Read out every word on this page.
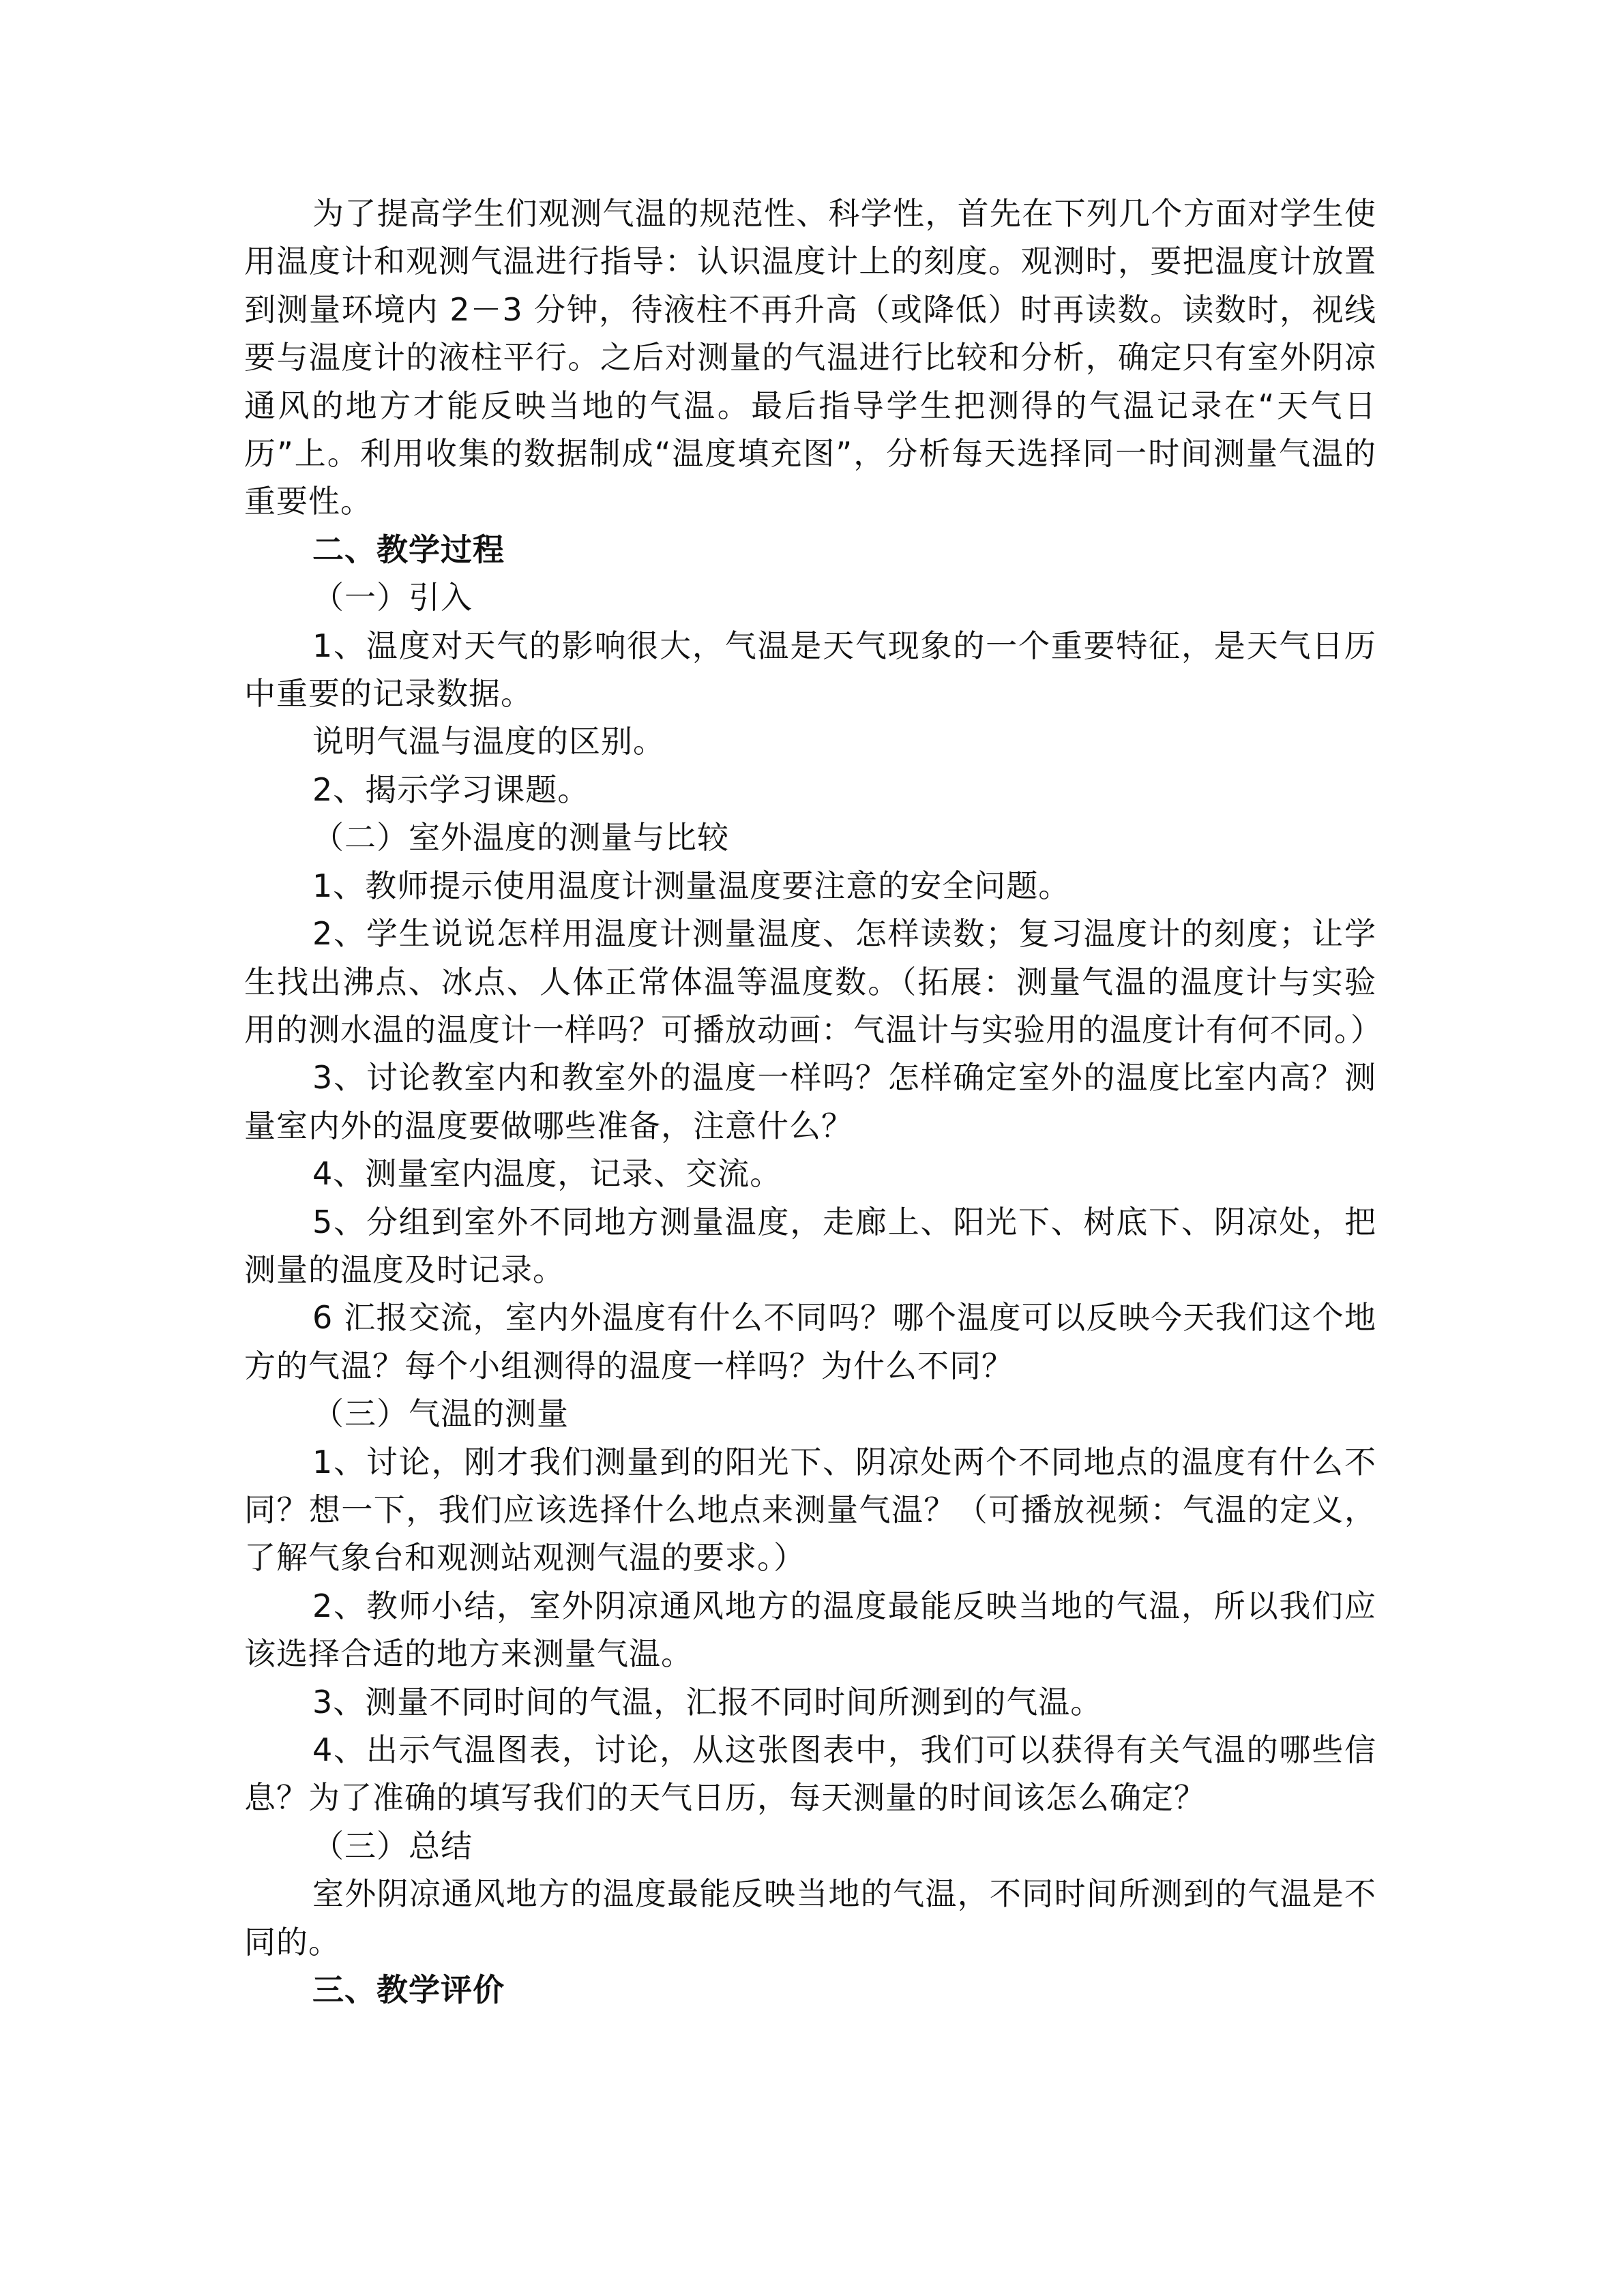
为了提高学生们观测气温的规范性、科学性，首先在下列几个方面对学生使用温度计和观测气温进行指导：认识温度计上的刻度。观测时，要把温度计放置到测量环境内 2－3 分钟，待液柱不再升高（或降低）时再读数。读数时，视线要与温度计的液柱平行。之后对测量的气温进行比较和分析，确定只有室外阴凉通风的地方才能反映当地的气温。最后指导学生把测得的气温记录在“天气日历”上。利用收集的数据制成“温度填充图”，分析每天选择同一时间测量气温的重要性。

二、教学过程

（一）引入

1、温度对天气的影响很大，气温是天气现象的一个重要特征，是天气日历中重要的记录数据。

说明气温与温度的区别。

2、揭示学习课题。

（二）室外温度的测量与比较

1、教师提示使用温度计测量温度要注意的安全问题。

2、学生说说怎样用温度计测量温度、怎样读数；复习温度计的刻度；让学生找出沸点、冰点、人体正常体温等温度数。（拓展：测量气温的温度计与实验用的测水温的温度计一样吗？可播放动画：气温计与实验用的温度计有何不同。）

3、讨论教室内和教室外的温度一样吗？怎样确定室外的温度比室内高？测量室内外的温度要做哪些准备，注意什么？

4、测量室内温度，记录、交流。

5、分组到室外不同地方测量温度，走廊上、阳光下、树底下、阴凉处，把测量的温度及时记录。

6 汇报交流，室内外温度有什么不同吗？哪个温度可以反映今天我们这个地方的气温？每个小组测得的温度一样吗？为什么不同？

（三）气温的测量

1、讨论，刚才我们测量到的阳光下、阴凉处两个不同地点的温度有什么不同？想一下，我们应该选择什么地点来测量气温？（可播放视频：气温的定义，了解气象台和观测站观测气温的要求。）

2、教师小结，室外阴凉通风地方的温度最能反映当地的气温，所以我们应该选择合适的地方来测量气温。

3、测量不同时间的气温，汇报不同时间所测到的气温。

4、出示气温图表，讨论，从这张图表中，我们可以获得有关气温的哪些信息？为了准确的填写我们的天气日历，每天测量的时间该怎么确定？

（三）总结

室外阴凉通风地方的温度最能反映当地的气温，不同时间所测到的气温是不同的。

三、教学评价
